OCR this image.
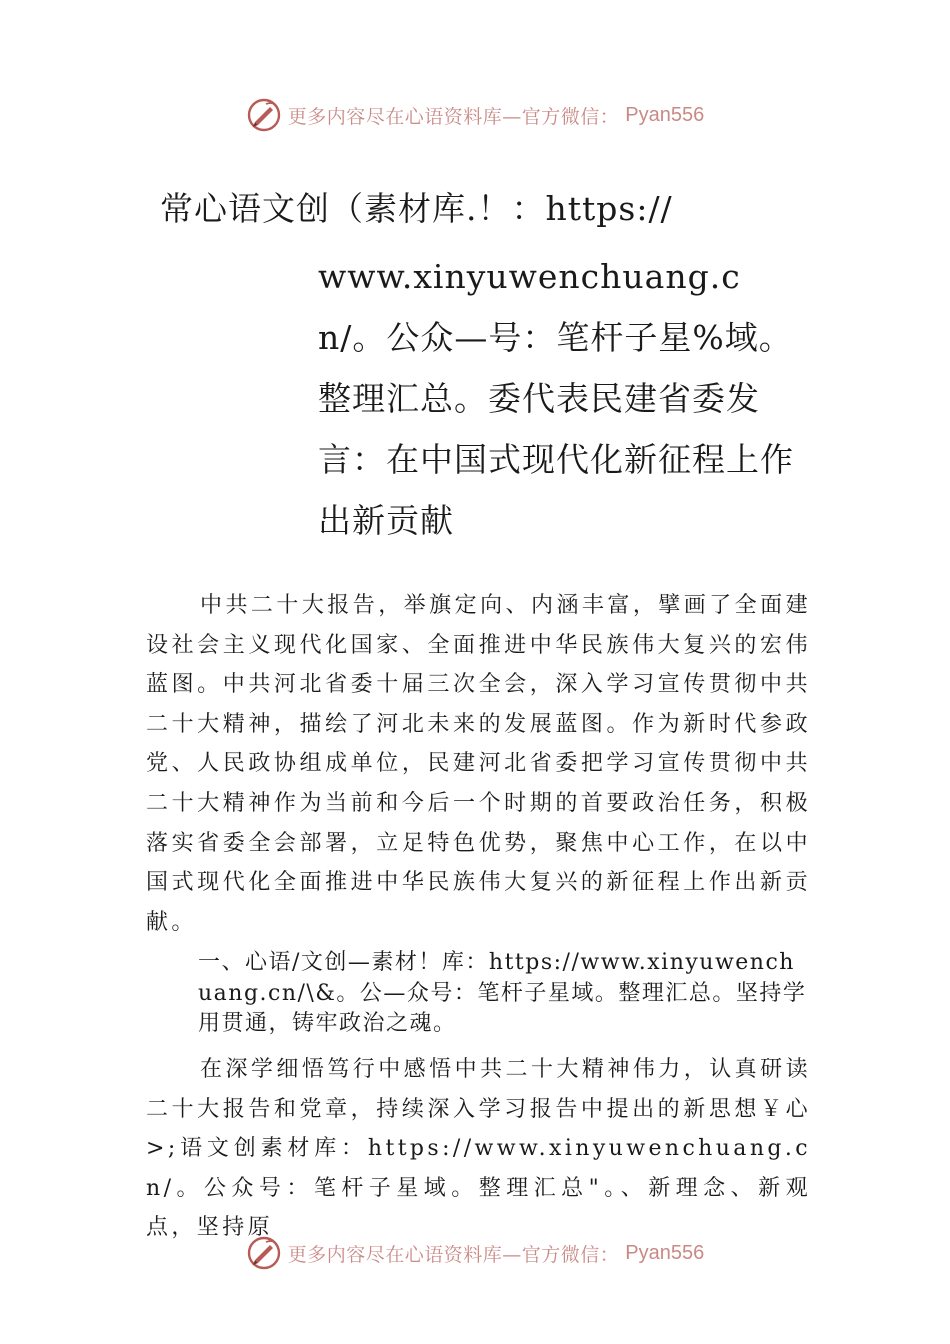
更多内容尽在心语资料库—官方微信： Pyan556
常心语文创（素材库.！：https://
www.xinyuwenchuang.cn/。公众—号：笔杆子星%域。整理汇总。委代表民建省委发言：在中国式现代化新征程上作出新贡献
中共二十大报告，举旗定向、内涵丰富，擘画了全面建设社会主义现代化国家、全面推进中华民族伟大复兴的宏伟蓝图。中共河北省委十届三次全会，深入学习宣传贯彻中共二十大精神，描绘了河北未来的发展蓝图。作为新时代参政党、人民政协组成单位，民建河北省委把学习宣传贯彻中共二十大精神作为当前和今后一个时期的首要政治任务，积极落实省委全会部署，立足特色优势，聚焦中心工作，在以中国式现代化全面推进中华民族伟大复兴的新征程上作出新贡献。
一、心语/文创—素材！库：https://www.xinyuwenchuang.cn/\&。公—众号：笔杆子星域。整理汇总。坚持学用贯通，铸牢政治之魂。
在深学细悟笃行中感悟中共二十大精神伟力，认真研读二十大报告和党章，持续深入学习报告中提出的新思想￥心>;语文创素材库：https://www.xinyuwenchuang.cn/。公众号：笔杆子星域。整理汇总"。、新理念、新观点，坚持原
更多内容尽在心语资料库—官方微信： Pyan556
